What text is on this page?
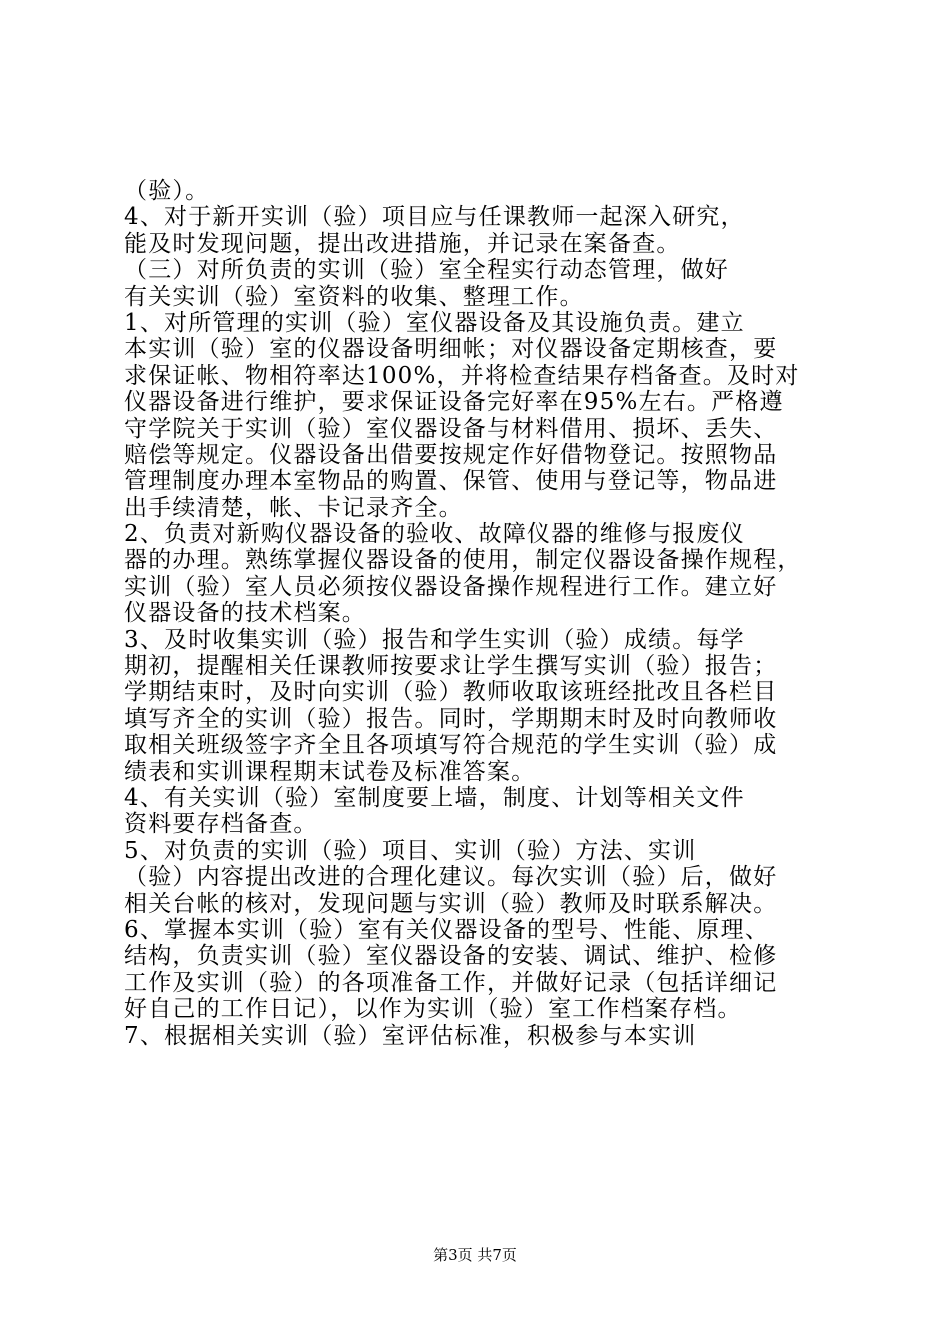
（验）。
4、对于新开实训（验）项目应与任课教师一起深入研究，
能及时发现问题，提出改进措施，并记录在案备查。
（三）对所负责的实训（验）室全程实行动态管理，做好
有关实训（验）室资料的收集、整理工作。
1、对所管理的实训（验）室仪器设备及其设施负责。建立
本实训（验）室的仪器设备明细帐；对仪器设备定期核查，要
求保证帐、物相符率达100%，并将检查结果存档备查。及时对
仪器设备进行维护，要求保证设备完好率在95%左右。严格遵
守学院关于实训（验）室仪器设备与材料借用、损坏、丢失、
赔偿等规定。仪器设备出借要按规定作好借物登记。按照物品
管理制度办理本室物品的购置、保管、使用与登记等，物品进
出手续清楚，帐、卡记录齐全。
2、负责对新购仪器设备的验收、故障仪器的维修与报废仪
器的办理。熟练掌握仪器设备的使用，制定仪器设备操作规程，
实训（验）室人员必须按仪器设备操作规程进行工作。建立好
仪器设备的技术档案。
3、及时收集实训（验）报告和学生实训（验）成绩。每学
期初，提醒相关任课教师按要求让学生撰写实训（验）报告；
学期结束时，及时向实训（验）教师收取该班经批改且各栏目
填写齐全的实训（验）报告。同时，学期期末时及时向教师收
取相关班级签字齐全且各项填写符合规范的学生实训（验）成
绩表和实训课程期末试卷及标准答案。
4、有关实训（验）室制度要上墙，制度、计划等相关文件
资料要存档备查。
5、对负责的实训（验）项目、实训（验）方法、实训
（验）内容提出改进的合理化建议。每次实训（验）后，做好
相关台帐的核对，发现问题与实训（验）教师及时联系解决。
6、掌握本实训（验）室有关仪器设备的型号、性能、原理、
结构，负责实训（验）室仪器设备的安装、调试、维护、检修
工作及实训（验）的各项准备工作，并做好记录（包括详细记
好自己的工作日记），以作为实训（验）室工作档案存档。
7、根据相关实训（验）室评估标准，积极参与本实训
第3页 共7页
